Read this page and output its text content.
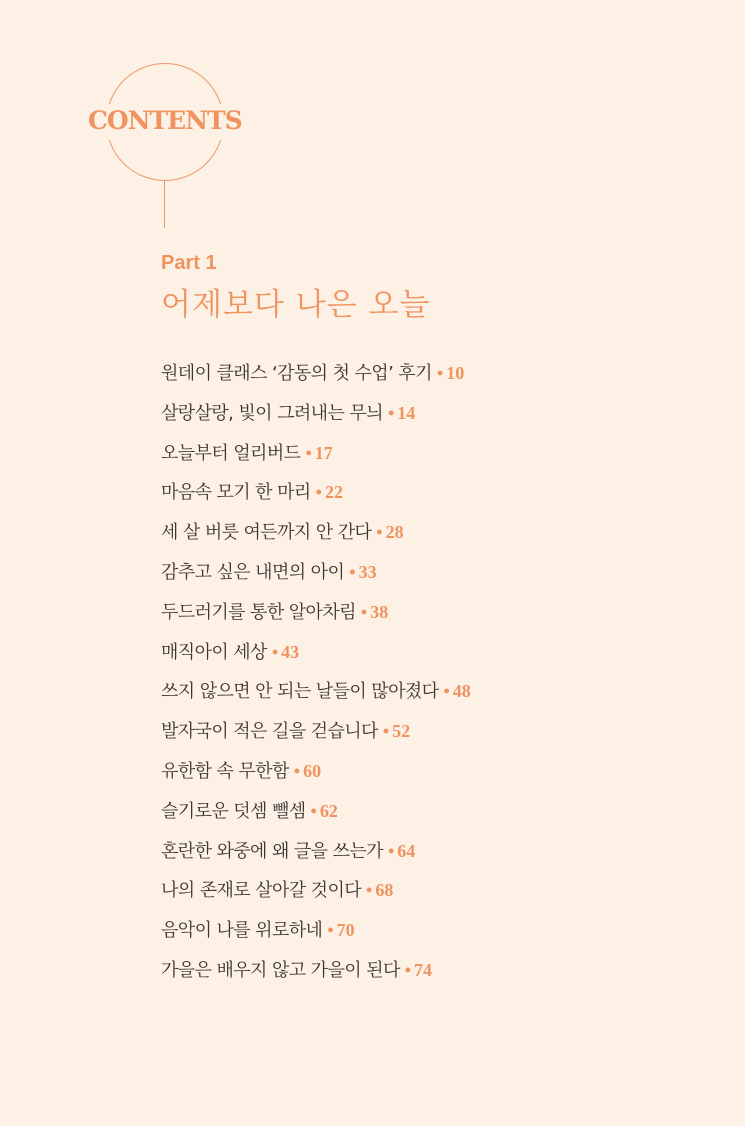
CONTENTS
Part 1
어제보다 나은 오늘
원데이 클래스 ‘감동의 첫 수업’ 후기 • 10
살랑살랑, 빛이 그려내는 무늬 • 14
오늘부터 얼리버드 • 17
마음속 모기 한 마리 • 22
세 살 버릇 여든까지 안 간다 • 28
감추고 싶은 내면의 아이 • 33
두드러기를 통한 알아차림 • 38
매직아이 세상 • 43
쓰지 않으면 안 되는 날들이 많아졌다 • 48
발자국이 적은 길을 걷습니다 • 52
유한함 속 무한함 • 60
슬기로운 덧셈 뺄셈 • 62
혼란한 와중에 왜 글을 쓰는가 • 64
나의 존재로 살아갈 것이다 • 68
음악이 나를 위로하네 • 70
가을은 배우지 않고 가을이 된다 • 74
